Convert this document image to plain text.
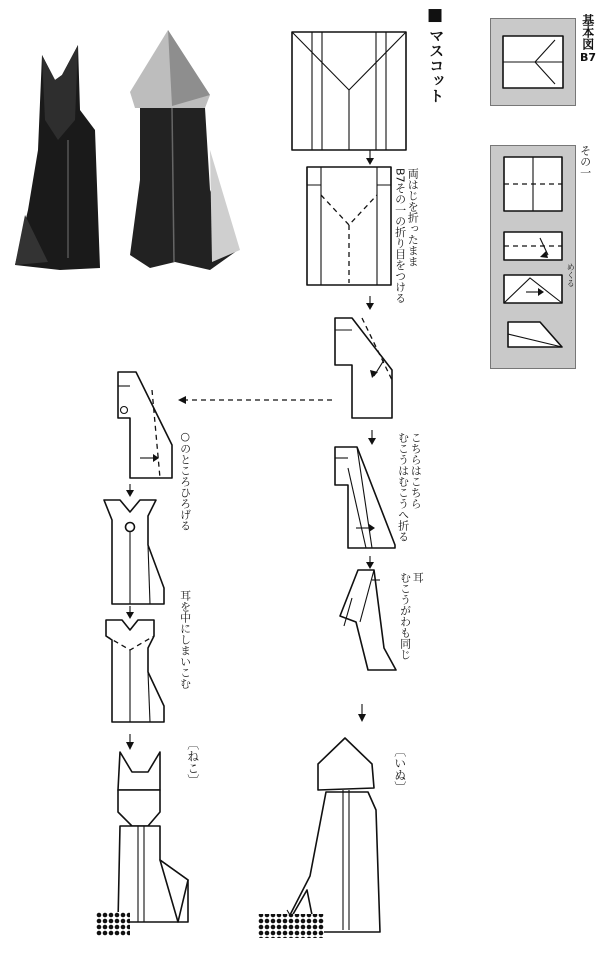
■
マスコット	基本図
B7
その一
めくる
両はじを折ったまま
B7その一の折り目をつける
こちらはこちら
むこうはむこうへ折る
耳
むこうがわも同じ
〔いぬ〕
○のところひろげる
耳を中にしまいこむ
〔ねこ〕
